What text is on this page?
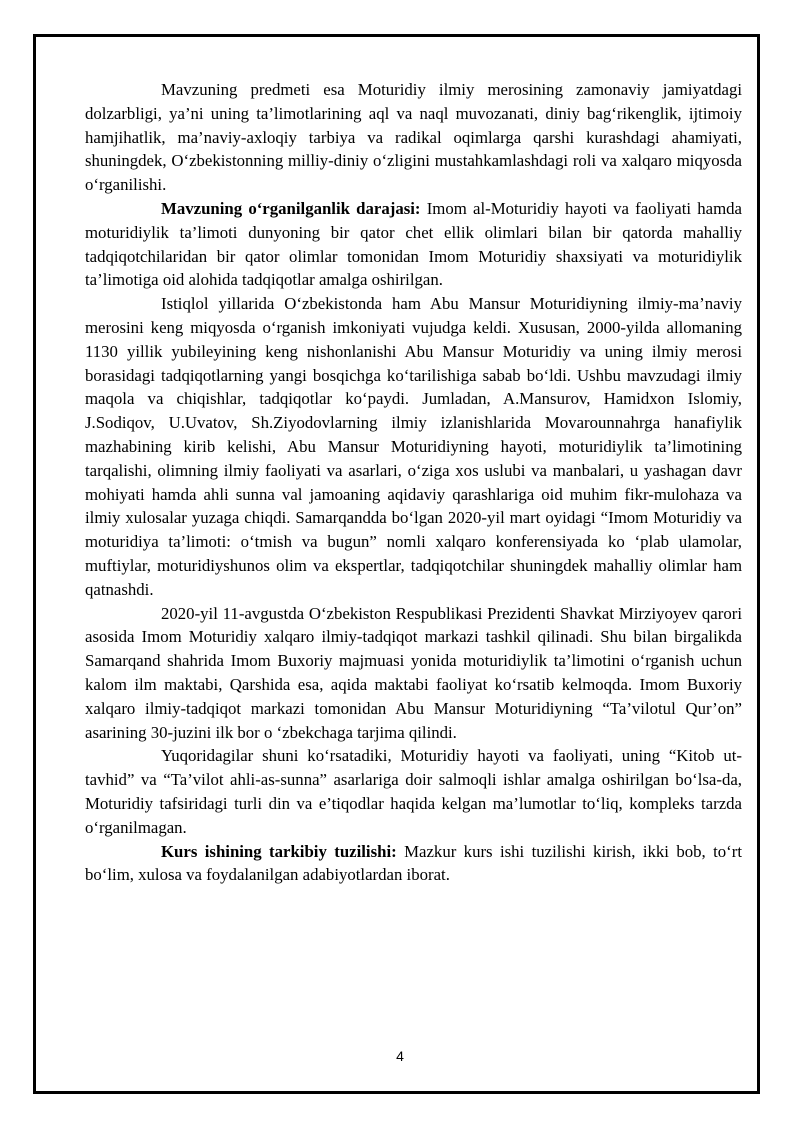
Mavzuning predmeti esa Moturidiy ilmiy merosining zamonaviy jamiyatdagi dolzarbligi, ya’ni uning ta’limotlarining aql va naql muvozanati, diniy bag‘rikenglik, ijtimoiy hamjihatlik, ma’naviy-axloqiy tarbiya va radikal oqimlarga qarshi kurashdagi ahamiyati, shuningdek, O‘zbekistonning milliy-diniy o‘zligini mustahkamlashdagi roli va xalqaro miqyosda o‘rganilishi.

Mavzuning o‘rganilganlik darajasi: Imom al-Moturidiy hayoti va faoliyati hamda moturidiylik ta’limoti dunyoning bir qator chet ellik olimlari bilan bir qatorda mahalliy tadqiqotchilaridan bir qator olimlar tomonidan Imom Moturidiy shaxsiyati va moturidiylik ta’limotiga oid alohida tadqiqotlar amalga oshirilgan.

Istiqlol yillarida O‘zbekistonda ham Abu Mansur Moturidiyning ilmiy-ma’naviy merosini keng miqyosda o‘rganish imkoniyati vujudga keldi. Xususan, 2000-yilda allomaning 1130 yillik yubileyining keng nishonlanishi Abu Mansur Moturidiy va uning ilmiy merosi borasidagi tadqiqotlarning yangi bosqichga ko‘tarilishiga sabab bo‘ldi. Ushbu mavzudagi ilmiy maqola va chiqishlar, tadqiqotlar ko‘paydi. Jumladan, A.Mansurov, Hamidxon Islomiy, J.Sodiqov, U.Uvatov, Sh.Ziyodovlarning ilmiy izlanishlarida Movarounnahrga hanafiylik mazhabining kirib kelishi, Abu Mansur Moturidiyning hayoti, moturidiylik ta’limotining tarqalishi, olimning ilmiy faoliyati va asarlari, o‘ziga xos uslubi va manbalari, u yashagan davr mohiyati hamda ahli sunna val jamoaning aqidaviy qarashlariga oid muhim fikr-mulohaza va ilmiy xulosalar yuzaga chiqdi. Samarqandda bo‘lgan 2020-yil mart oyidagi “Imom Moturidiy va moturidiya ta’limoti: o‘tmish va bugun” nomli xalqaro konferensiyada ko ‘plab ulamolar, muftiylar, moturidiyshunos olim va ekspertlar, tadqiqotchilar shuningdek mahalliy olimlar ham qatnashdi.

2020-yil 11-avgustda O‘zbekiston Respublikasi Prezidenti Shavkat Mirziyoyev qarori asosida Imom Moturidiy xalqaro ilmiy-tadqiqot markazi tashkil qilinadi. Shu bilan birgalikda Samarqand shahrida Imom Buxoriy majmuasi yonida moturidiylik ta’limotini o‘rganish uchun kalom ilm maktabi, Qarshida esa, aqida maktabi faoliyat ko‘rsatib kelmoqda. Imom Buxoriy xalqaro ilmiy-tadqiqot markazi tomonidan Abu Mansur Moturidiyning “Ta’vilotul Qur’on” asarining 30-juzini ilk bor o ‘zbekchaga tarjima qilindi.

Yuqoridagilar shuni ko‘rsatadiki, Moturidiy hayoti va faoliyati, uning “Kitob ut-tavhid” va “Ta’vilot ahli-as-sunna” asarlariga doir salmoqli ishlar amalga oshirilgan bo‘lsa-da, Moturidiy tafsiridagi turli din va e’tiqodlar haqida kelgan ma’lumotlar to‘liq, kompleks tarzda o‘rganilmagan.

Kurs ishining tarkibiy tuzilishi: Mazkur kurs ishi tuzilishi kirish, ikki bob, to‘rt bo‘lim, xulosa va foydalanilgan adabiyotlardan iborat.

4
